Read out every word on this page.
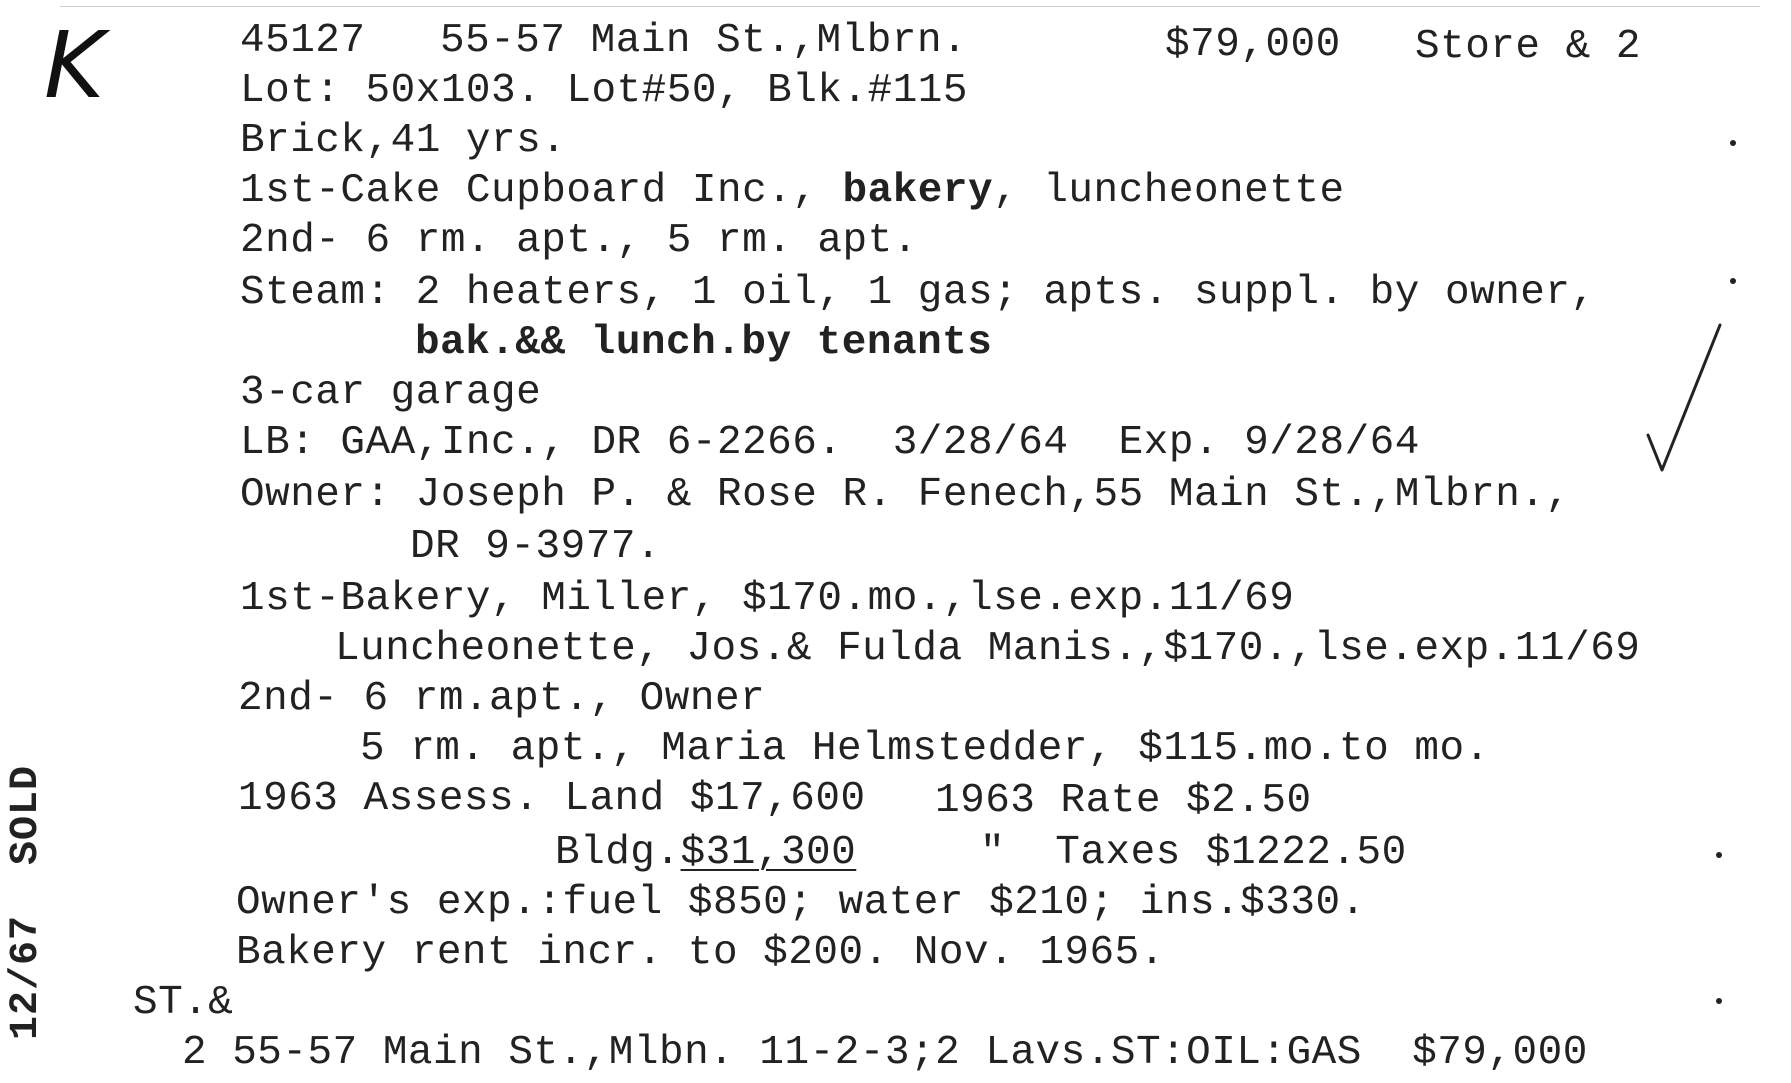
K	45127 55-57 Main St.,Mlbrn.	$79,000 Store & 2
Lot: 50x103. Lot#50, Blk.#115
Brick,41 yrs.
1st-Cake Cupboard Inc., bakery, luncheonette
2nd- 6 rm. apt., 5 rm. apt.
Steam: 2 heaters, 1 oil, 1 gas; apts. suppl. by owner,
bak.&& lunch.by tenants
3-car garage
LB: GAA,Inc., DR 6-2266.  3/28/64  Exp. 9/28/64
Owner: Joseph P. & Rose R. Fenech,55 Main St.,Mlbrn.,
DR 9-3977.
1st-Bakery, Miller, $170.mo.,lse.exp.11/69
Luncheonette, Jos.& Fulda Manis.,$170.,lse.exp.11/69
2nd- 6 rm.apt., Owner
5 rm. apt., Maria Helmstedder, $115.mo.to mo.
1963 Assess. Land $17,600 1963 Rate $2.50
Bldg.$31,300	"  Taxes $1222.50
Owner's exp.:fuel $850; water $210; ins.$330.
Bakery rent incr. to $200. Nov. 1965.
ST.&
2 55-57 Main St.,Mlbn. 11-2-3;2 Lavs.ST:OIL:GAS  $79,000
12/67  SOLD
